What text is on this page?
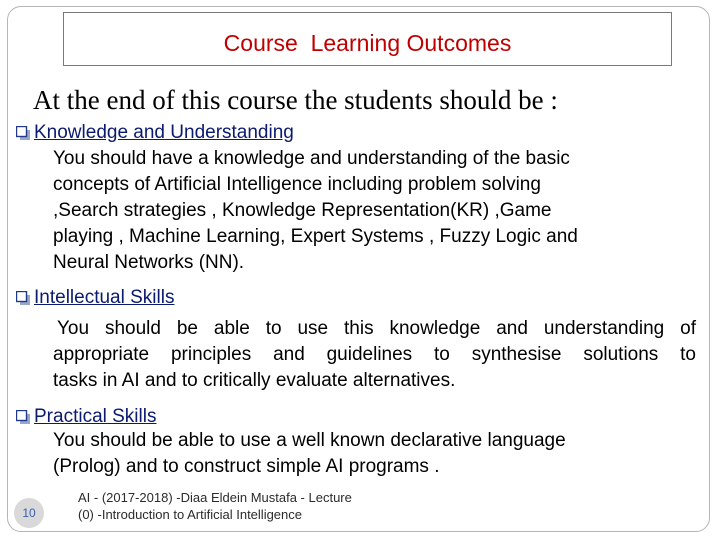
Course  Learning Outcomes
At the end of this course the students should be :
Knowledge and Understanding
You should have a knowledge and understanding of the basic
concepts of Artificial Intelligence including problem solving
,Search strategies , Knowledge Representation(KR) ,Game
playing , Machine Learning, Expert Systems , Fuzzy Logic and
Neural Networks (NN).
Intellectual Skills
You should be able to use this knowledge and understanding of
appropriate principles and guidelines to synthesise solutions to
tasks in AI and to critically evaluate alternatives.
Practical Skills
You should be able to use a well known declarative language
(Prolog) and to construct simple AI programs .
10
AI - (2017-2018) -Diaa Eldein Mustafa - Lecture
(0) -Introduction to Artificial Intelligence
